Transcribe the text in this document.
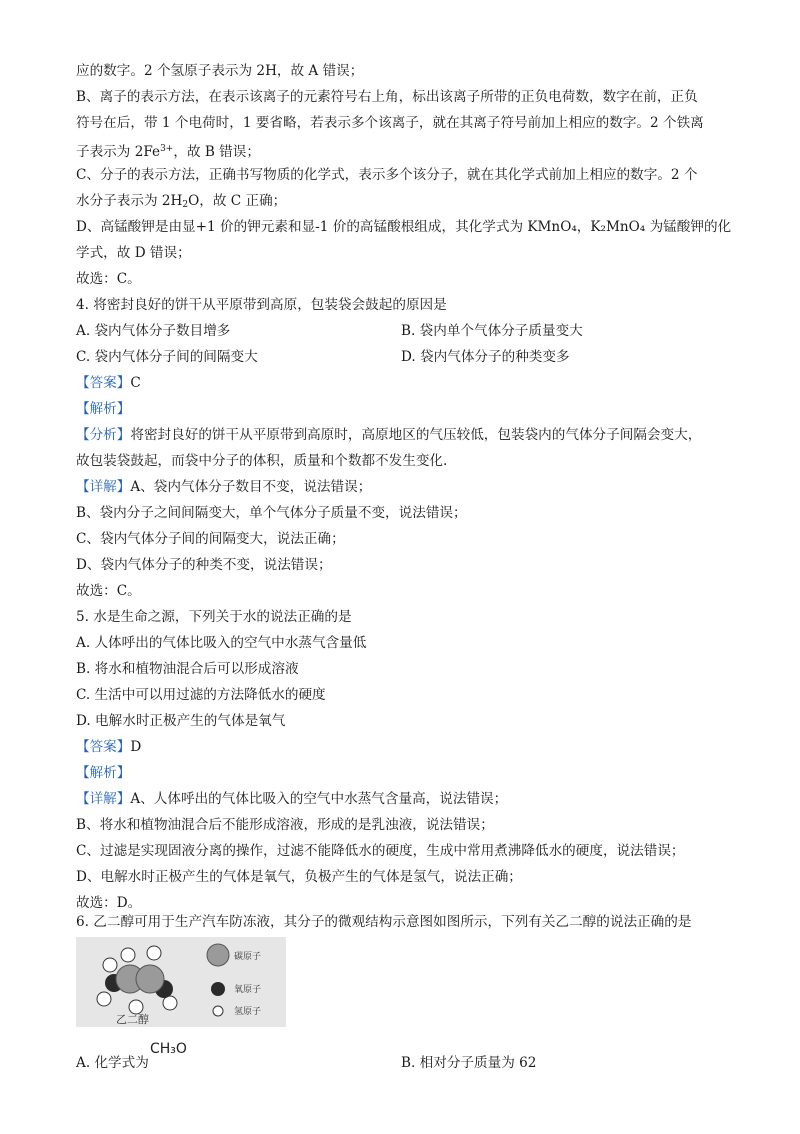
应的数字。2 个氢原子表示为 2H，故 A 错误；
B、离子的表示方法，在表示该离子的元素符号右上角，标出该离子所带的正负电荷数，数字在前，正负
符号在后，带 1 个电荷时，1 要省略，若表示多个该离子，就在其离子符号前加上相应的数字。2 个铁离
子表示为 $2Fe^{3+}$，故 B 错误；
C、分子的表示方法，正确书写物质的化学式，表示多个该分子，就在其化学式前加上相应的数字。2 个
水分子表示为 $2H_2O$，故 C 正确；
D、高锰酸钾是由显+1 价的钾元素和显-1 价的高锰酸根组成，其化学式为 KMnO₄，K₂MnO₄ 为锰酸钾的化
学式，故 D 错误；
故选：C。
4. 将密封良好的饼干从平原带到高原，包装袋会鼓起的原因是
A. 袋内气体分子数目增多	B. 袋内单个气体分子质量变大
C. 袋内气体分子间的间隔变大	D. 袋内气体分子的种类变多
【答案】C
【解析】
【分析】将密封良好的饼干从平原带到高原时，高原地区的气压较低，包装袋内的气体分子间隔会变大，
故包装袋鼓起，而袋中分子的体积，质量和个数都不发生变化.
【详解】A、袋内气体分子数目不变，说法错误；
B、袋内分子之间间隔变大，单个气体分子质量不变，说法错误；
C、袋内气体分子间的间隔变大，说法正确；
D、袋内气体分子的种类不变，说法错误；
故选：C。
5. 水是生命之源，下列关于水的说法正确的是
A. 人体呼出的气体比吸入的空气中水蒸气含量低
B. 将水和植物油混合后可以形成溶液
C. 生活中可以用过滤的方法降低水的硬度
D. 电解水时正极产生的气体是氧气
【答案】D
【解析】
【详解】A、人体呼出的气体比吸入的空气中水蒸气含量高，说法错误；
B、将水和植物油混合后不能形成溶液，形成的是乳浊液，说法错误；
C、过滤是实现固液分离的操作，过滤不能降低水的硬度，生成中常用煮沸降低水的硬度，说法错误；
D、电解水时正极产生的气体是氧气，负极产生的气体是氢气，说法正确；
故选：D。
6. 乙二醇可用于生产汽车防冻液，其分子的微观结构示意图如图所示，下列有关乙二醇的说法正确的是
碳原子
氧原子
氢原子
乙二醇
A. 化学式为	B. 相对分子质量为 62
CH₃O
